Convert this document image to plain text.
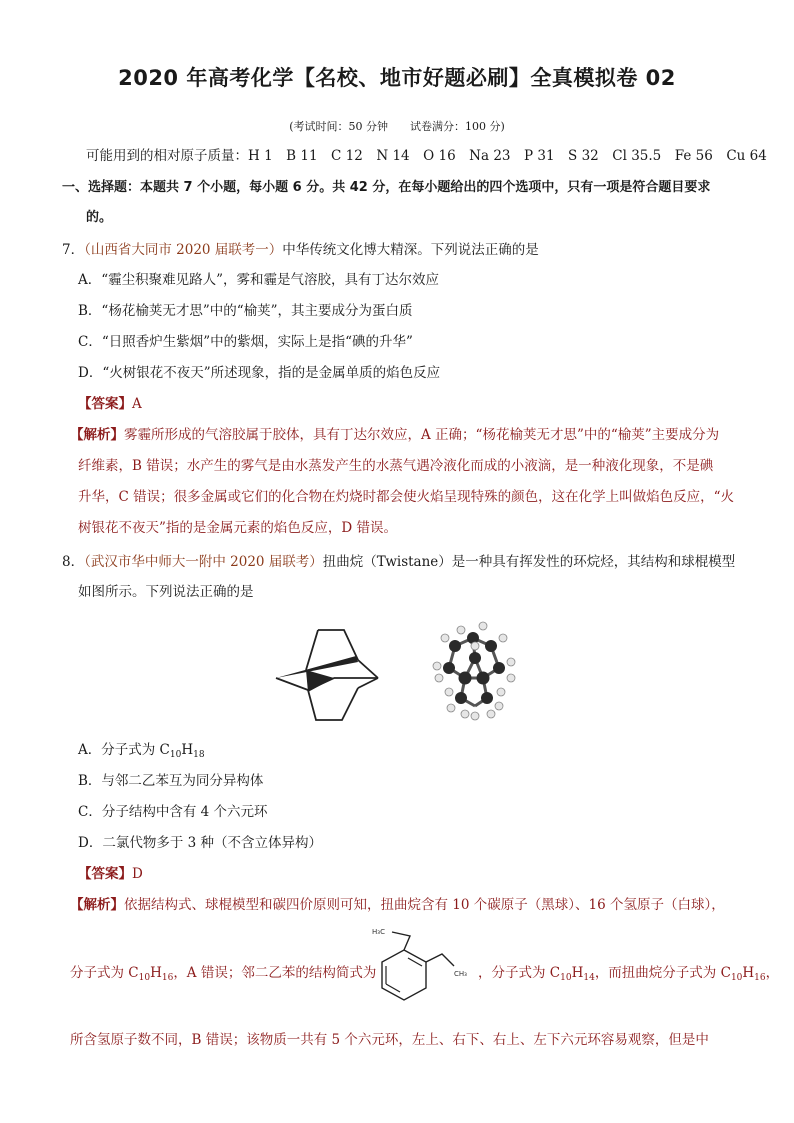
2020 年高考化学【名校、地市好题必刷】全真模拟卷 02
(考试时间：50 分钟　　试卷满分：100 分)
可能用到的相对原子质量：H 1　B 11　C 12　N 14　O 16　Na 23　P 31　S 32　Cl 35.5　Fe 56　Cu 64
一、选择题：本题共 7 个小题，每小题 6 分。共 42 分，在每小题给出的四个选项中，只有一项是符合题目要求
的。
7．（山西省大同市 2020 届联考一）中华传统文化博大精深。下列说法正确的是
A．“霾尘积聚难见路人”，雾和霾是气溶胶，具有丁达尔效应
B．“杨花榆荚无才思”中的“榆荚”，其主要成分为蛋白质
C．“日照香炉生紫烟”中的紫烟，实际上是指“碘的升华”
D．“火树银花不夜天”所述现象，指的是金属单质的焰色反应
【答案】A
【解析】雾霾所形成的气溶胶属于胶体，具有丁达尔效应，A 正确；“杨花榆荚无才思”中的“榆荚”主要成分为
纤维素，B 错误；水产生的雾气是由水蒸发产生的水蒸气遇冷液化而成的小液滴，是一种液化现象，不是碘
升华，C 错误；很多金属或它们的化合物在灼烧时都会使火焰呈现特殊的颜色，这在化学上叫做焰色反应，“火
树银花不夜天”指的是金属元素的焰色反应，D 错误。
8．（武汉市华中师大一附中 2020 届联考）扭曲烷（Twistane）是一种具有挥发性的环烷烃，其结构和球棍模型
如图所示。下列说法正确的是
A．分子式为 $C_{10}H_{18}$
B．与邻二乙苯互为同分异构体
C．分子结构中含有 4 个六元环
D．二氯代物多于 3 种（不含立体异构）
【答案】D
【解析】依据结构式、球棍模型和碳四价原则可知，扭曲烷含有 10 个碳原子（黑球）、16 个氢原子（白球），
H₃C
CH₃
分子式为 $C_{10}H_{16}$，A 错误；邻二乙苯的结构简式为	，分子式为 $C_{10}H_{14}$，而扭曲烷分子式为 $C_{10}H_{16}$，
所含氢原子数不同，B 错误；该物质一共有 5 个六元环，左上、右下、右上、左下六元环容易观察，但是中
